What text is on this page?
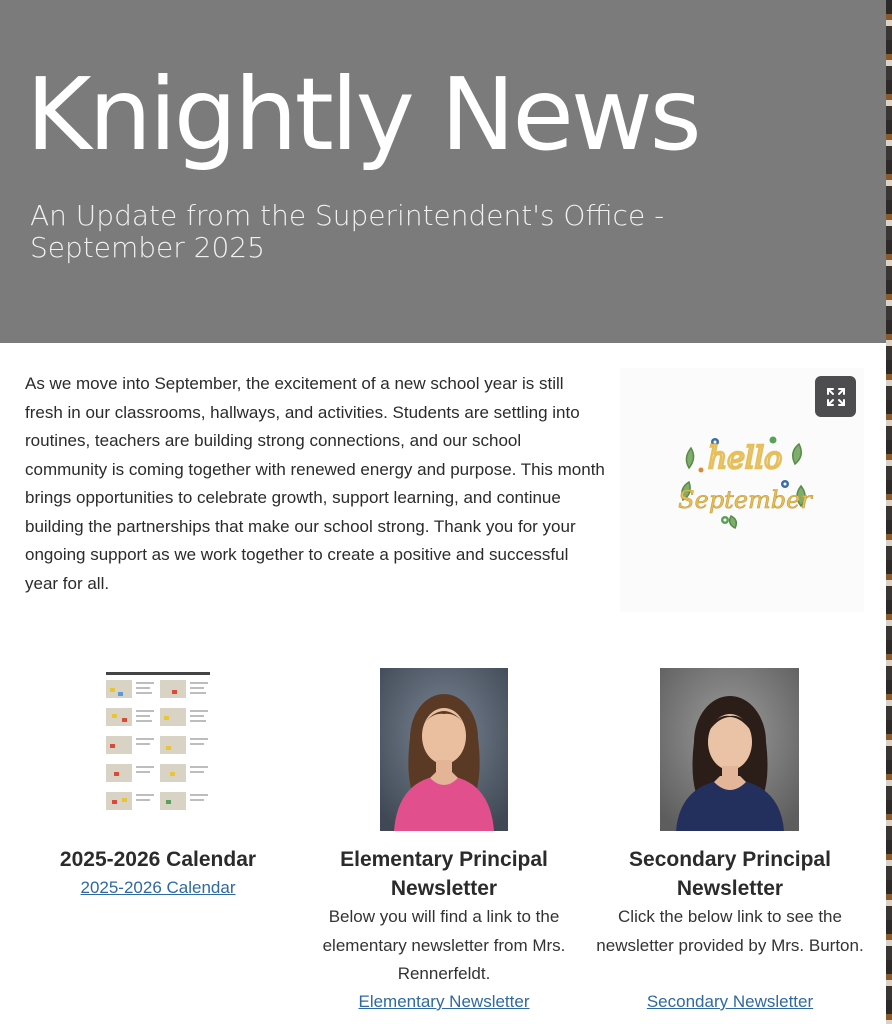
Knightly News
An Update from the Superintendent's Office - September 2025

As we move into September, the excitement of a new school year is still fresh in our classrooms, hallways, and activities. Students are settling into routines, teachers are building strong connections, and our school community is coming together with renewed energy and purpose. This month brings opportunities to celebrate growth, support learning, and continue building the partnerships that make our school strong. Thank you for your ongoing support as we work together to create a positive and successful year for all.

hello
September
2025-2026 Calendar
2025-2026 Calendar
Elementary Principal Newsletter
Below you will find a link to the elementary newsletter from Mrs. Rennerfeldt.
Elementary Newsletter
Secondary Principal Newsletter
Click the below link to see the newsletter provided by Mrs. Burton.
Secondary Newsletter
